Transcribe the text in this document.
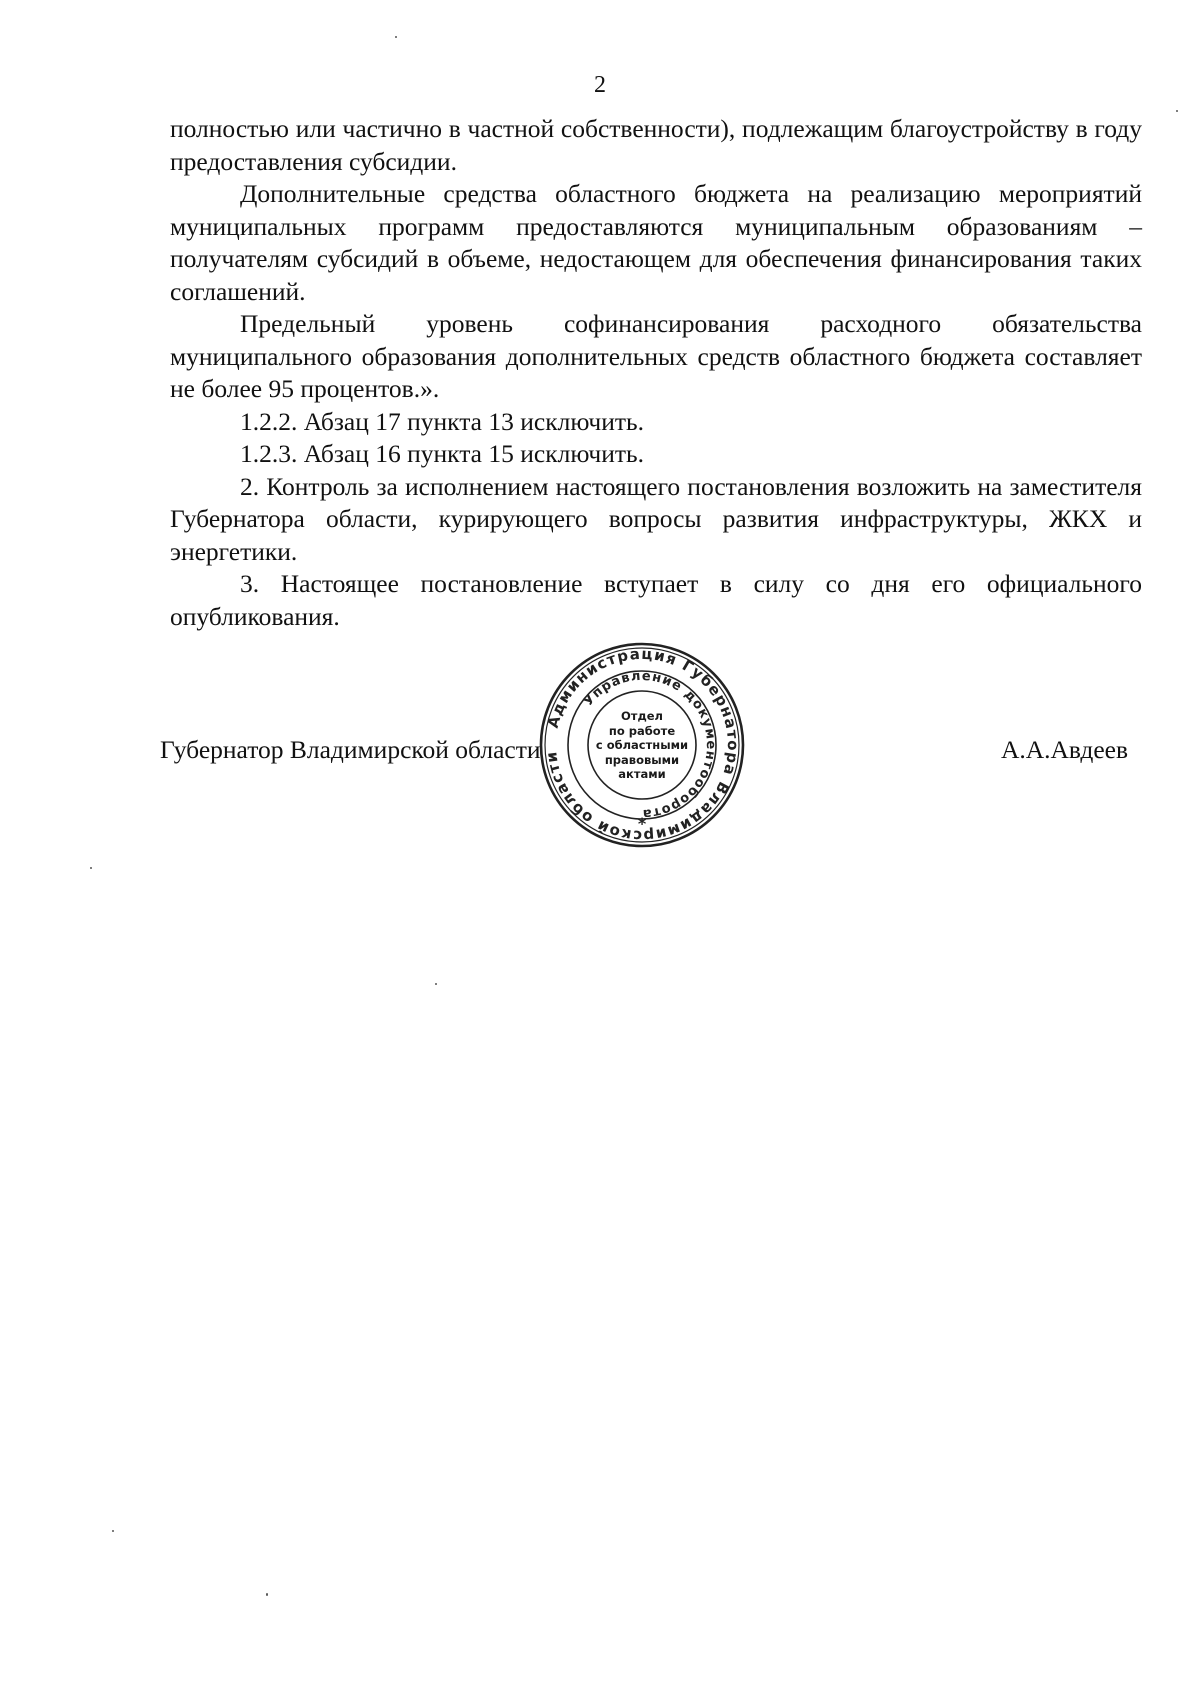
2

полностью или частично в частной собственности), подлежащим благоустройству в году предоставления субсидии.

Дополнительные средства областного бюджета на реализацию мероприятий муниципальных программ предоставляются муниципальным образованиям – получателям субсидий в объеме, недостающем для обеспечения финансирования таких соглашений.

Предельный уровень софинансирования расходного обязательства муниципального образования дополнительных средств областного бюджета составляет не более 95 процентов.».

1.2.2. Абзац 17 пункта 13 исключить.

1.2.3. Абзац 16 пункта 15 исключить.

2. Контроль за исполнением настоящего постановления возложить на заместителя Губернатора области, курирующего вопросы развития инфраструктуры, ЖКХ и энергетики.

3. Настоящее постановление вступает в силу со дня его официального опубликования.

Губернатор Владимирской области	А.А.Авдеев
Администрация Губернатора Владимирской области
Управление документооборота
*
Отдел
по работе
с областными
правовыми
актами
